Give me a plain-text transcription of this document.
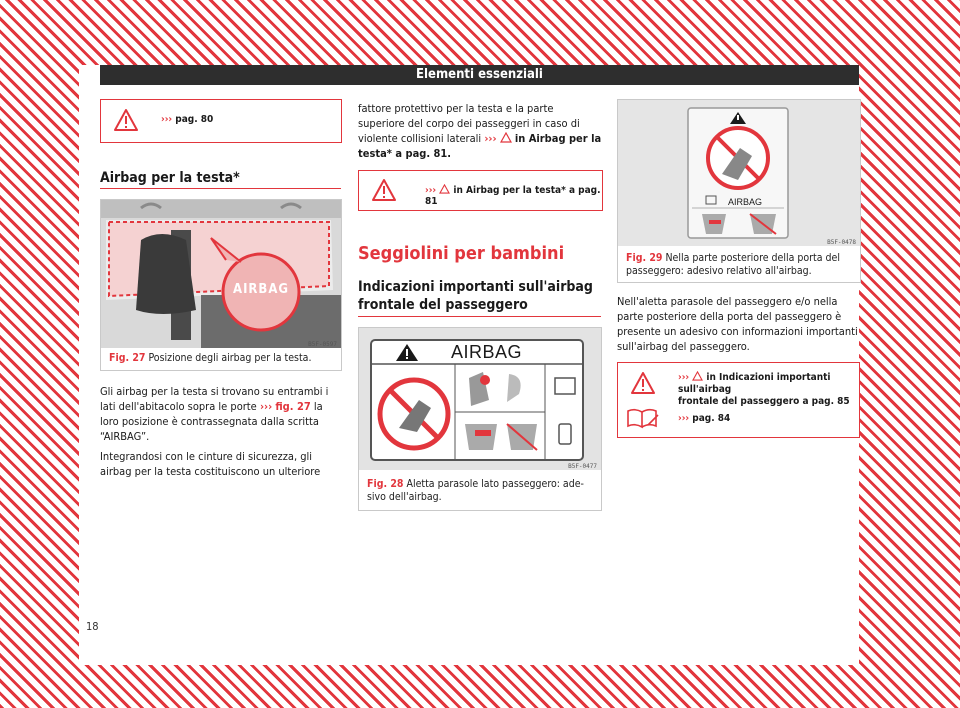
Elementi essenziali
››› pag. 80
Airbag per la testa*
AIRBAG
B5F-0597
Fig. 27 Posizione degli airbag per la testa.
Gli airbag per la testa si trovano su entrambi i lati dell'abitacolo sopra le porte ››› fig. 27 la loro posizione è contrassegnata dalla scritta “AIRBAG”.
Integrandosi con le cinture di sicurezza, gli airbag per la testa costituiscono un ulteriore
fattore protettivo per la testa e la parte superiore del corpo dei passeggeri in caso di violente collisioni laterali ››› in Airbag per la testa* a pag. 81.
››› in Airbag per la testa* a pag. 81
Seggiolini per bambini
Indicazioni importanti sull'airbag
frontale del passeggero
AIRBAG
B5F-0477
Fig. 28 Aletta parasole lato passeggero: ade-
sivo dell'airbag.
AIRBAG
B5F-0478
Fig. 29 Nella parte posteriore della porta del
passeggero: adesivo relativo all'airbag.
Nell'aletta parasole del passeggero e/o nella parte posteriore della porta del passeggero è presente un adesivo con informazioni importanti sull'airbag del passeggero.
››› in Indicazioni importanti sull'airbag
frontale del passeggero a pag. 85
››› pag. 84
18
